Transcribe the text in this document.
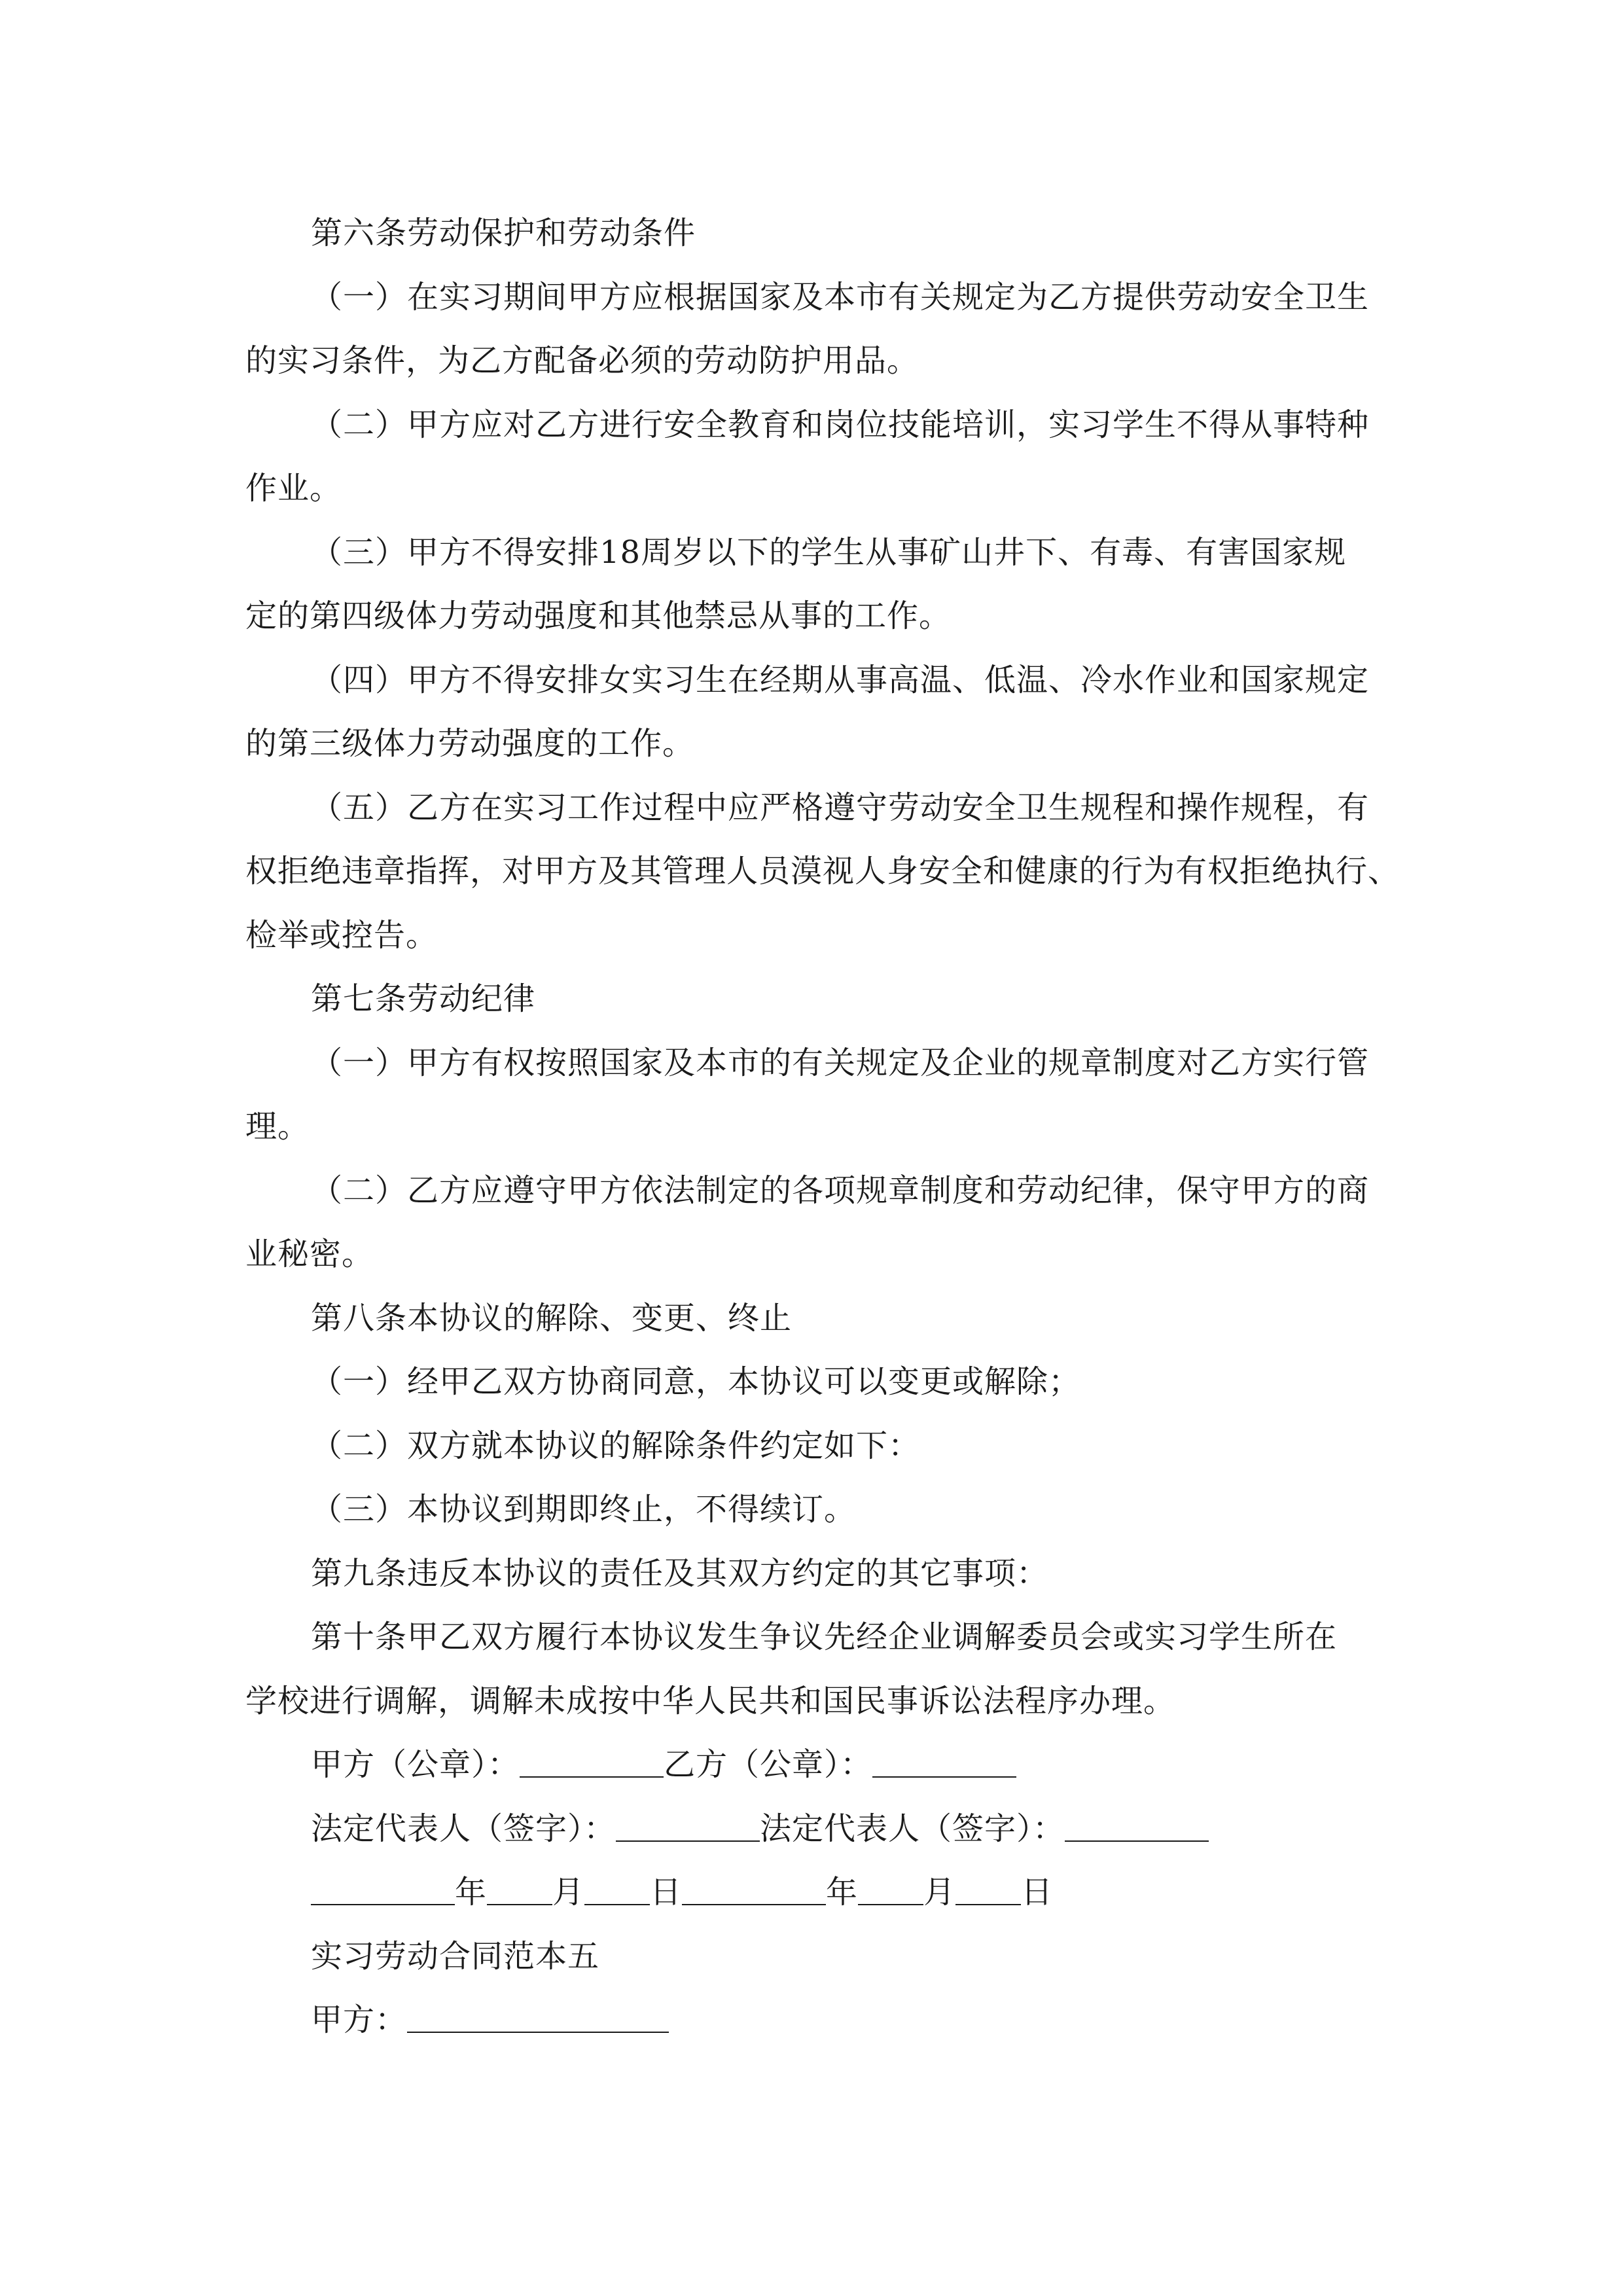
第六条劳动保护和劳动条件
（一）在实习期间甲方应根据国家及本市有关规定为乙方提供劳动安全卫生
的实习条件，为乙方配备必须的劳动防护用品。
（二）甲方应对乙方进行安全教育和岗位技能培训，实习学生不得从事特种
作业。
（三）甲方不得安排18周岁以下的学生从事矿山井下、有毒、有害国家规
定的第四级体力劳动强度和其他禁忌从事的工作。
（四）甲方不得安排女实习生在经期从事高温、低温、冷水作业和国家规定
的第三级体力劳动强度的工作。
（五）乙方在实习工作过程中应严格遵守劳动安全卫生规程和操作规程，有
权拒绝违章指挥，对甲方及其管理人员漠视人身安全和健康的行为有权拒绝执行、
检举或控告。
第七条劳动纪律
（一）甲方有权按照国家及本市的有关规定及企业的规章制度对乙方实行管
理。
（二）乙方应遵守甲方依法制定的各项规章制度和劳动纪律，保守甲方的商
业秘密。
第八条本协议的解除、变更、终止
（一）经甲乙双方协商同意，本协议可以变更或解除；
（二）双方就本协议的解除条件约定如下：
（三）本协议到期即终止，不得续订。
第九条违反本协议的责任及其双方约定的其它事项：
第十条甲乙双方履行本协议发生争议先经企业调解委员会或实习学生所在
学校进行调解，调解未成按中华人民共和国民事诉讼法程序办理。
甲方（公章）：	乙方（公章）：
法定代表人（签字）：	法定代表人（签字）：
年 月 日	年 月 日
实习劳动合同范本五
甲方：
